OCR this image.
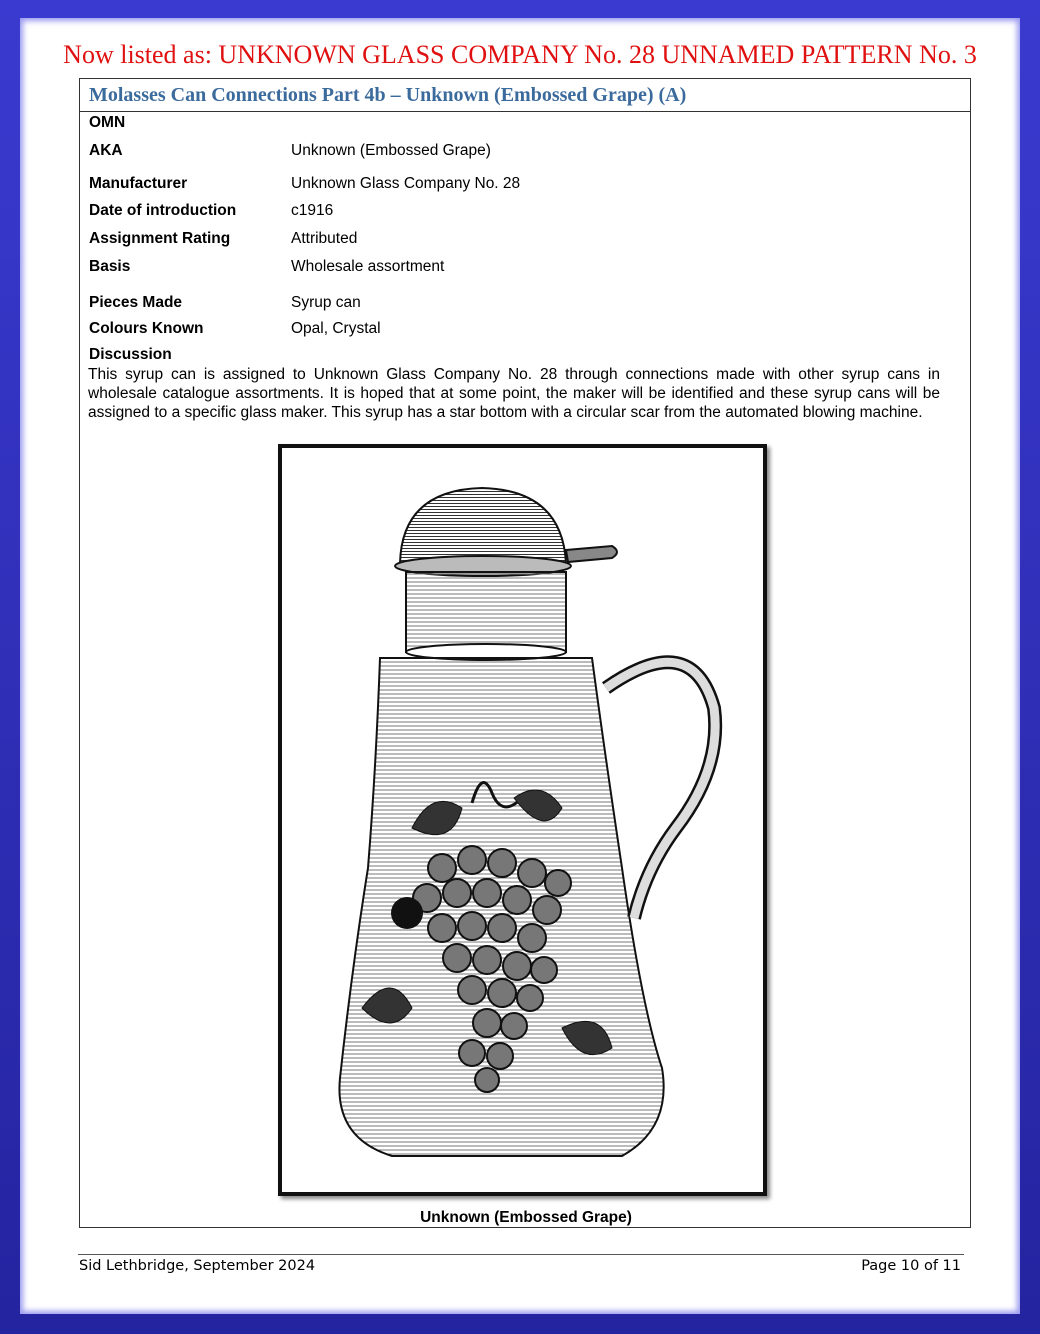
Now listed as: UNKNOWN GLASS COMPANY No. 28 UNNAMED PATTERN No. 3
Molasses Can Connections Part 4b – Unknown (Embossed Grape) (A)
OMN
AKA	Unknown (Embossed Grape)
Manufacturer	Unknown Glass Company No. 28
Date of introduction	c1916
Assignment Rating	Attributed
Basis	Wholesale assortment
Pieces Made	Syrup can
Colours Known	Opal, Crystal
Discussion
This syrup can is assigned to Unknown Glass Company No. 28 through connections made with other syrup cans in wholesale catalogue assortments. It is hoped that at some point, the maker will be identified and these syrup cans will be assigned to a specific glass maker. This syrup has a star bottom with a circular scar from the automated blowing machine.
Unknown (Embossed Grape)
Sid Lethbridge, September 2024	Page 10 of 11
